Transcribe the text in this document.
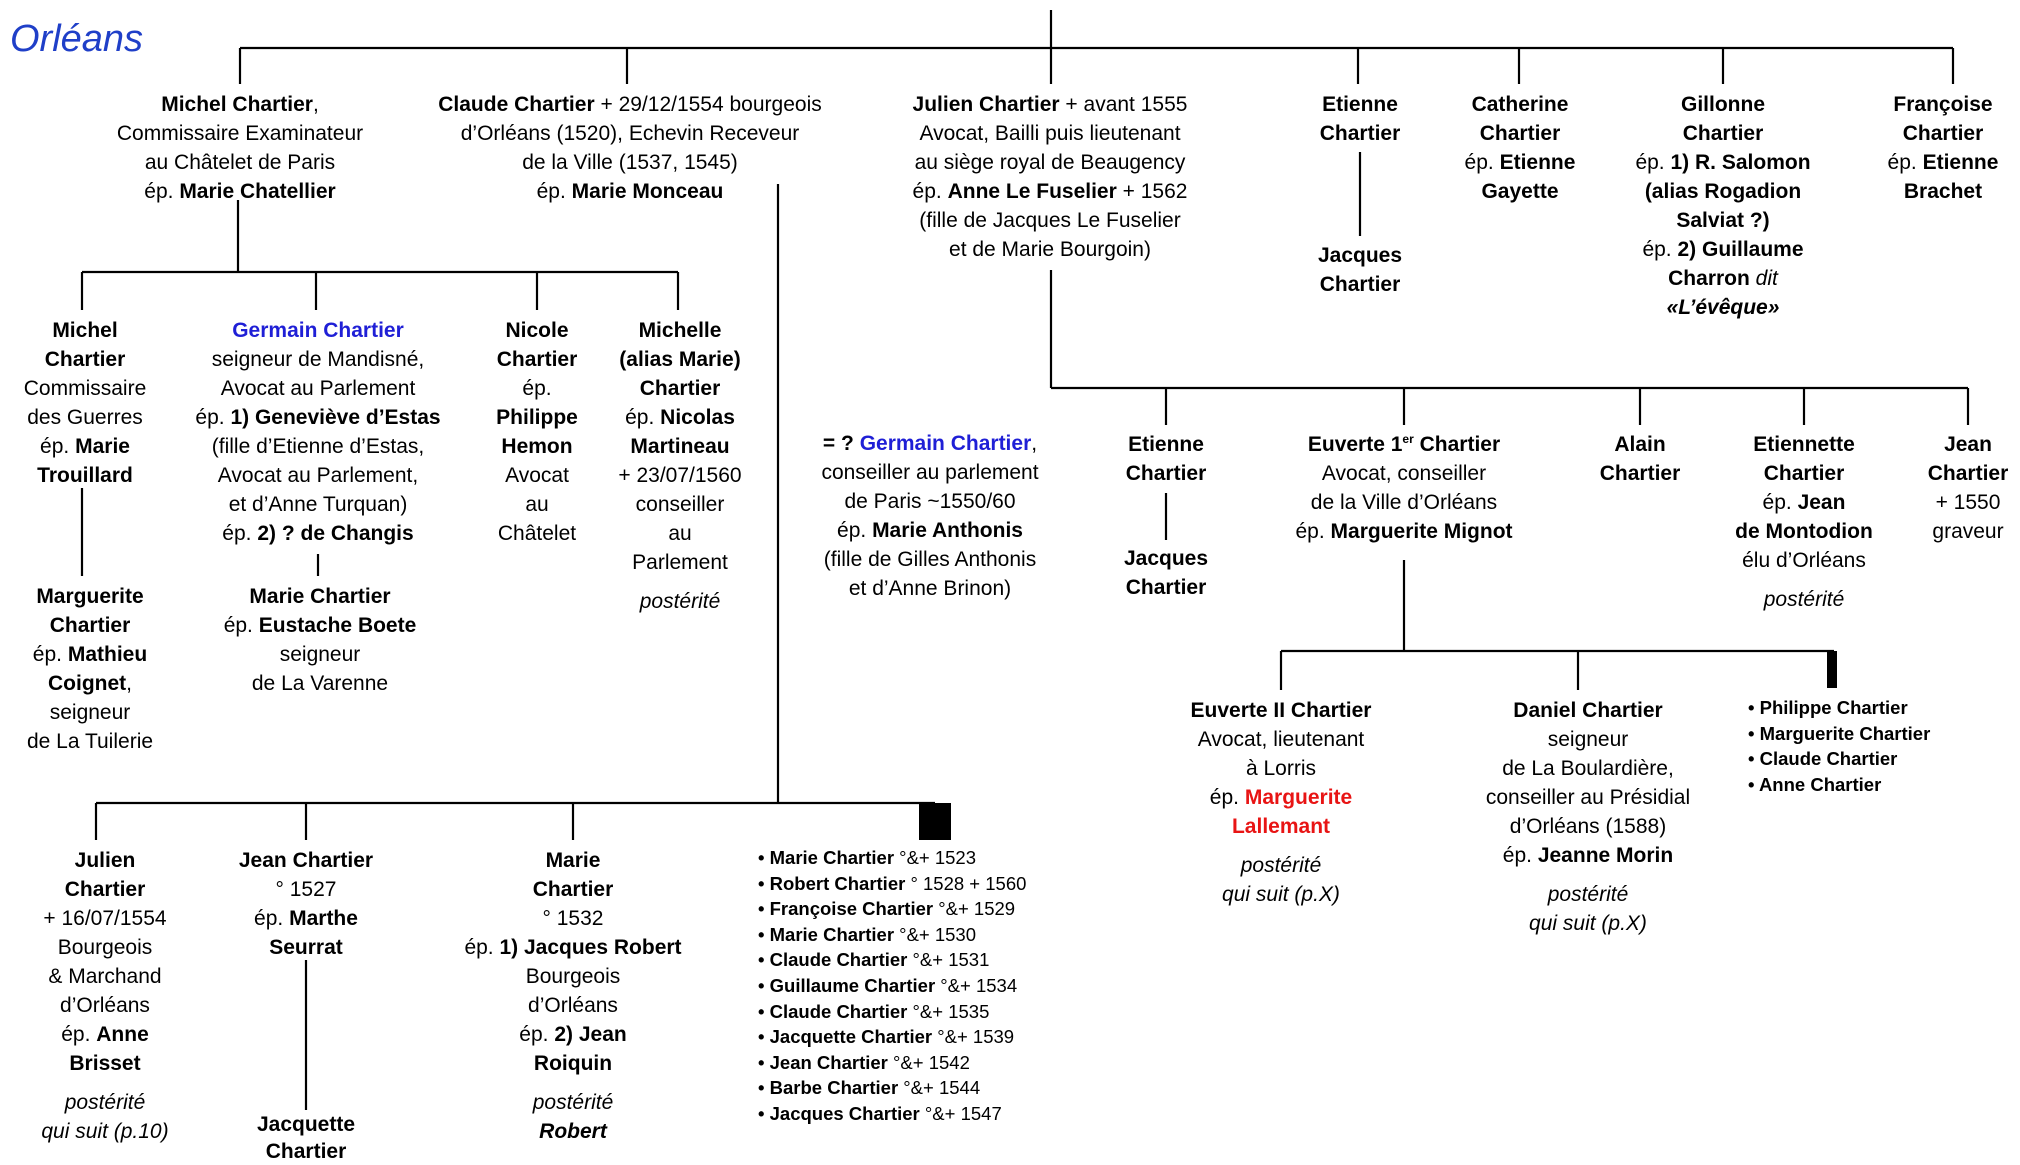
Orléans
Michel Chartier,
Commissaire Examinateur
au Châtelet de Paris
ép. Marie Chatellier
Claude Chartier + 29/12/1554 bourgeois
d’Orléans (1520), Echevin Receveur
de la Ville (1537, 1545)
ép. Marie Monceau
Julien Chartier + avant 1555
Avocat, Bailli puis lieutenant
au siège royal de Beaugency
ép. Anne Le Fuselier + 1562
(fille de Jacques Le Fuselier
et de Marie Bourgoin)
Etienne
Chartier
Jacques
Chartier
Catherine
Chartier
ép. Etienne
Gayette
Gillonne
Chartier
ép. 1) R. Salomon
(alias Rogadion
Salviat ?)
ép. 2) Guillaume
Charron dit
«L’évêque»
Françoise
Chartier
ép. Etienne
Brachet
Michel
Chartier
Commissaire
des Guerres
ép. Marie
Trouillard
Marguerite
Chartier
ép. Mathieu
Coignet,
seigneur
de La Tuilerie
Germain Chartier
seigneur de Mandisné,
Avocat au Parlement
ép. 1) Geneviève d’Estas
(fille d’Etienne d’Estas,
Avocat au Parlement,
et d’Anne Turquan)
ép. 2) ? de Changis
Marie Chartier
ép. Eustache Boete
seigneur
de La Varenne
Nicole
Chartier
ép.
Philippe
Hemon
Avocat
au
Châtelet
Michelle
(alias Marie)
Chartier
ép. Nicolas
Martineau
+ 23/07/1560
conseiller
au
Parlement
postérité
= ? Germain Chartier,
conseiller au parlement
de Paris ~1550/60
ép. Marie Anthonis
(fille de Gilles Anthonis
et d’Anne Brinon)
Etienne
Chartier
Jacques
Chartier
Euverte 1er Chartier
Avocat, conseiller
de la Ville d’Orléans
ép. Marguerite Mignot
Alain
Chartier
Etiennette
Chartier
ép. Jean
de Montodion
élu d’Orléans
postérité
Jean
Chartier
+ 1550
graveur
Euverte II Chartier
Avocat, lieutenant
à Lorris
ép. Marguerite
Lallemant
postérité
qui suit (p.X)
Daniel Chartier
seigneur
de La Boulardière,
conseiller au Présidial
d’Orléans (1588)
ép. Jeanne Morin
postérité
qui suit (p.X)
• Philippe Chartier
• Marguerite Chartier
• Claude Chartier
• Anne Chartier
Julien
Chartier
+ 16/07/1554
Bourgeois
& Marchand
d’Orléans
ép. Anne
Brisset
postérité
qui suit (p.10)
Jean Chartier
° 1527
ép. Marthe
Seurrat
Jacquette
Chartier
Marie
Chartier
° 1532
ép. 1) Jacques Robert
Bourgeois
d’Orléans
ép. 2) Jean
Roiquin
postérité
Robert
• Marie Chartier °&+ 1523
• Robert Chartier ° 1528 + 1560
• Françoise Chartier °&+ 1529
• Marie Chartier °&+ 1530
• Claude Chartier °&+ 1531
• Guillaume Chartier °&+ 1534
• Claude Chartier °&+ 1535
• Jacquette Chartier °&+ 1539
• Jean Chartier °&+ 1542
• Barbe Chartier °&+ 1544
• Jacques Chartier °&+ 1547
